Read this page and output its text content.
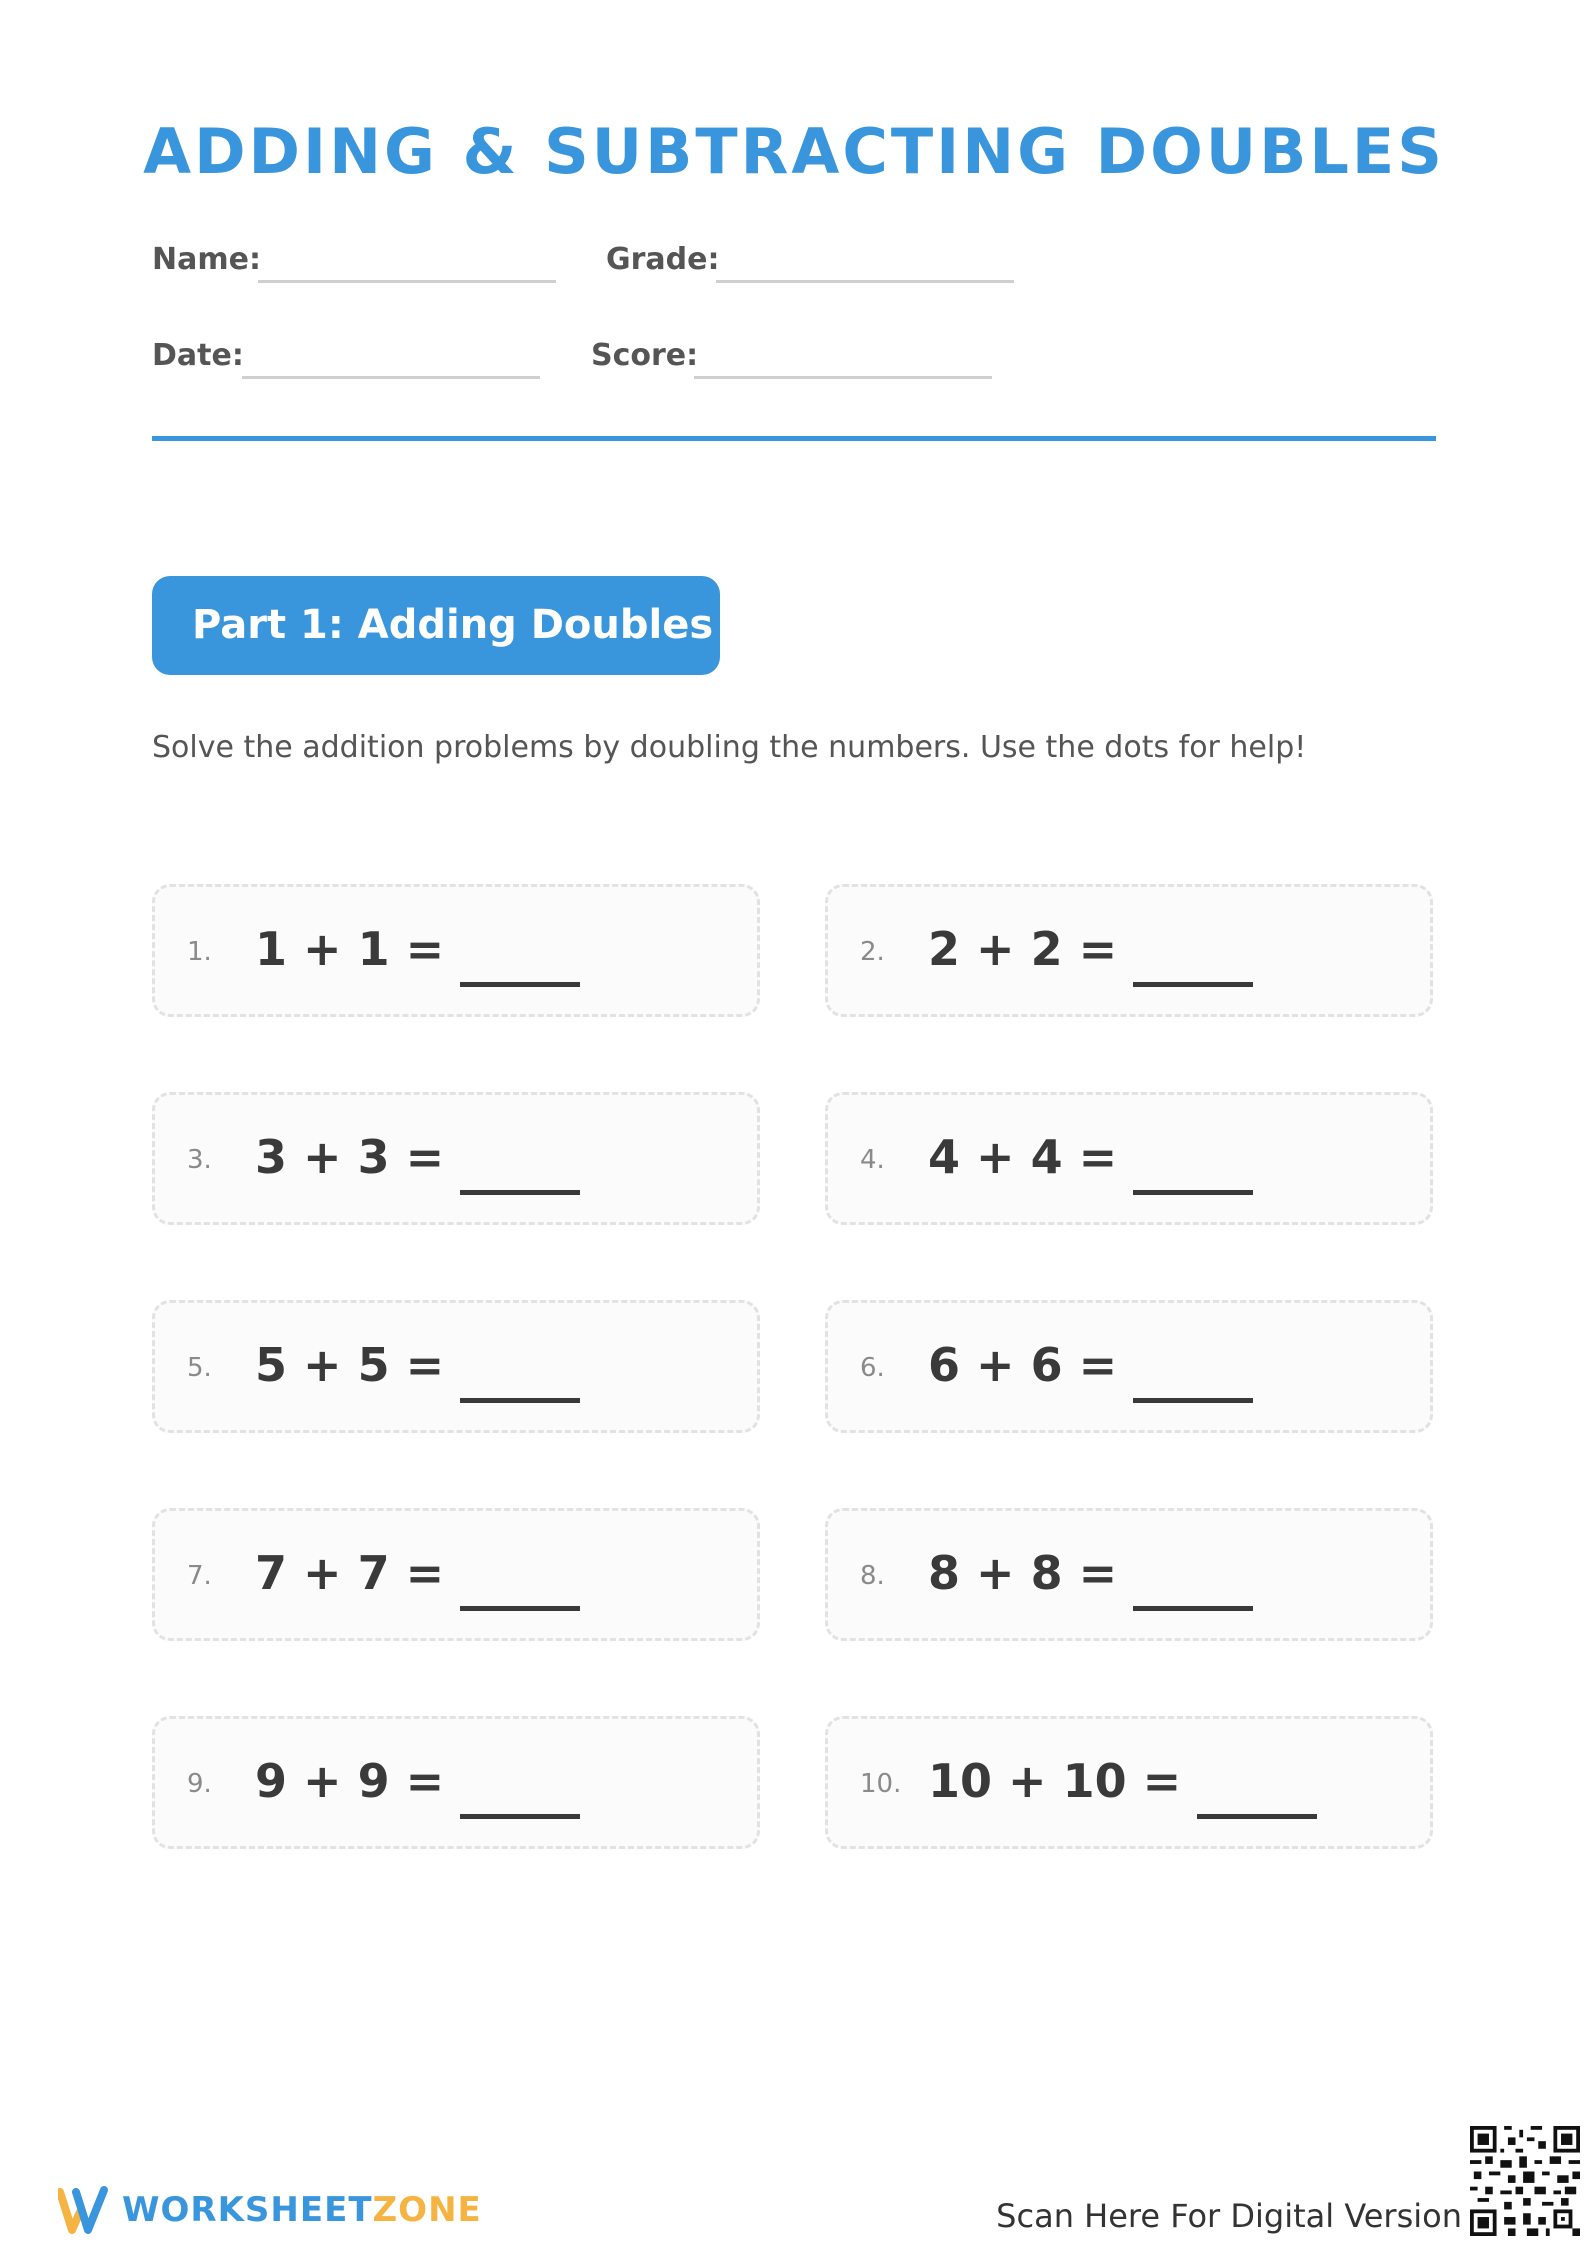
ADDING & SUBTRACTING DOUBLES
Name:	Grade:
Date:	Score:
Part 1: Adding Doubles
Solve the addition problems by doubling the numbers. Use the dots for help!
1. 1 + 1 =	2. 2 + 2 =
3. 3 + 3 =	4. 4 + 4 =
5. 5 + 5 =	6. 6 + 6 =
7. 7 + 7 =	8. 8 + 8 =
9. 9 + 9 =	10. 10 + 10 =
WORKSHEETZONE	Scan Here For Digital Version
